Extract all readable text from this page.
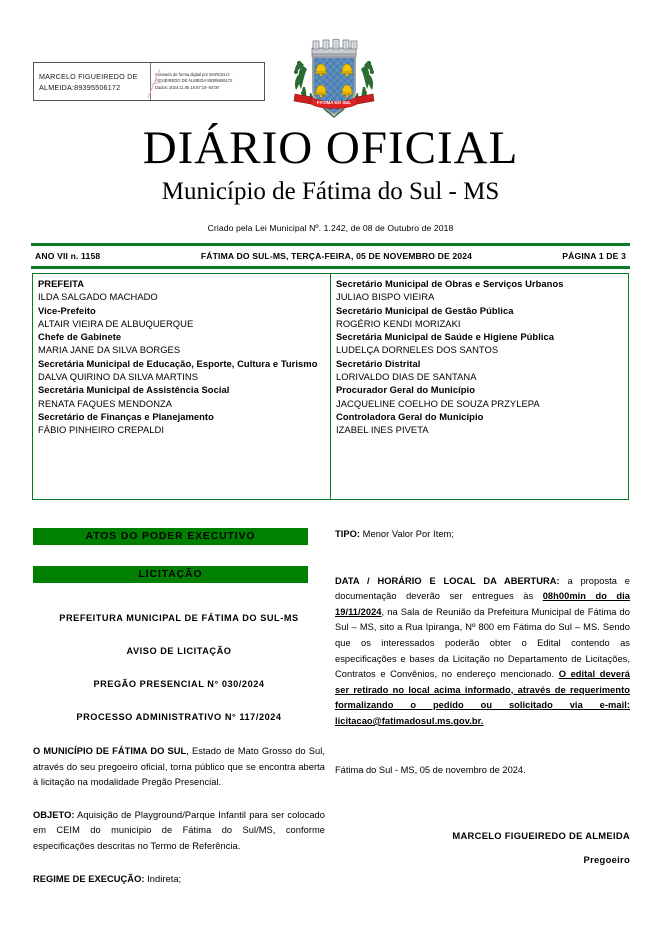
MARCELO FIGUEIREDO DE
ALMEIDA:89395506172
Assinado de forma digital por MARCELO
FIGUEIREDO DE ALMEIDA:89395506172
Dados: 2024.11.05 16:57:19 -04'00'
FÁTIMA DO SUL
DIÁRIO OFICIAL
Município de Fátima do Sul - MS
Criado pela Lei Municipal Nº. 1.242, de 08 de Outubro de 2018
ANO VII n. 1158	FÁTIMA DO SUL-MS, TERÇA-FEIRA, 05 DE NOVEMBRO DE 2024	PÁGINA 1 DE 3
PREFEITA
ILDA SALGADO MACHADO
Vice-Prefeito
ALTAIR VIEIRA DE ALBUQUERQUE
Chefe de Gabinete
MARIA JANE DA SILVA BORGES
Secretária Municipal de Educação, Esporte, Cultura e Turismo
DALVA QUIRINO DA SILVA MARTINS
Secretária Municipal de Assistência Social
RENATA FAQUES MENDONZA
Secretário de Finanças e Planejamento
FÁBIO PINHEIRO CREPALDI
Secretário Municipal de Obras e Serviços Urbanos
JULIAO BISPO VIEIRA
Secretário Municipal de Gestão Pública
ROGÉRIO KENDI MORIZAKI
Secretária Municipal de Saúde e Higiene Pública
LUDELÇA DORNELES DOS SANTOS
Secretário Distrital
LORIVALDO DIAS DE SANTANA
Procurador Geral do Município
JACQUELINE COELHO DE SOUZA PRZYLEPA
Controladora Geral do Município
IZABEL INES PIVETA
ATOS DO PODER EXECUTIVO
LICITAÇÃO
PREFEITURA MUNICIPAL DE FÁTIMA DO SUL-MS
AVISO DE LICITAÇÃO
PREGÃO PRESENCIAL N° 030/2024
PROCESSO ADMINISTRATIVO N° 117/2024
O MUNICÍPIO DE FÁTIMA DO SUL, Estado de Mato Grosso do Sul, através do seu pregoeiro oficial, torna público que se encontra aberta à licitação na modalidade Pregão Presencial.
OBJETO: Aquisição de Playground/Parque Infantil para ser colocado em CEIM do município de Fátima do Sul/MS, conforme especificações descritas no Termo de Referência.
REGIME DE EXECUÇÃO: Indireta;
TIPO: Menor Valor Por Item;
DATA / HORÁRIO E LOCAL DA ABERTURA: a proposta e documentação deverão ser entregues às 08h00min do dia 19/11/2024, na Sala de Reunião da Prefeitura Municipal de Fátima do Sul – MS, sito a Rua Ipiranga, Nº 800 em Fátima do Sul – MS. Sendo que os interessados poderão obter o Edital contendo as especificações e bases da Licitação no Departamento de Licitações, Contratos e Convênios, no endereço mencionado. O edital deverá ser retirado no local acima informado, através de requerimento formalizando o pedido ou solicitado via e-mail: licitacao@fatimadosul.ms.gov.br.
Fátima do Sul - MS, 05 de novembro de 2024.
MARCELO FIGUEIREDO DE ALMEIDA
Pregoeiro
